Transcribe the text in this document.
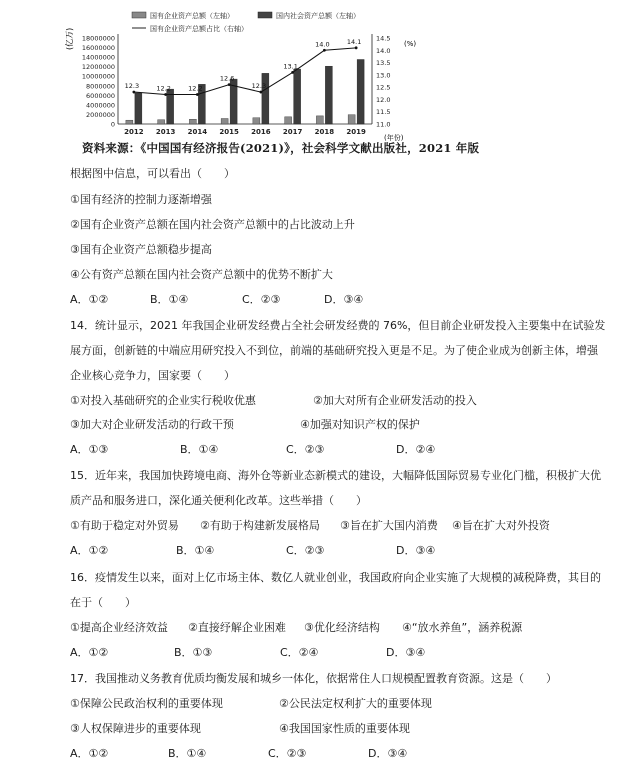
国有企业资产总额（左轴）	国内社会资产总额（左轴）
国有企业资产总额占比（右轴）
(亿万)	(%)
(年份)
18000000
16000000
14000000
12000000
10000000
8000000
6000000
4000000
2000000
0
14.5
14.0
13.5
13.0
12.5
12.0
11.5
11.0
2012 2013 2014 2015 2016 2017 2018 2019
12.3	12.2	12.2
12.6
12.3
13.1
14.0	14.1
资料来源：《中国国有经济报告(2021)》，社会科学文献出版社，2021 年版
根据图中信息，可以看出（　　）
①国有经济的控制力逐渐增强
②国有企业资产总额在国内社会资产总额中的占比波动上升
③国有企业资产总额稳步提高
④公有资产总额在国内社会资产总额中的优势不断扩大
A．①②	B．①④	C．②③	D．③④
14．统计显示，2021 年我国企业研发经费占全社会研发经费的 76%，但目前企业研发投入主要集中在试验发
展方面，创新链的中端应用研究投入不到位，前端的基础研究投入更是不足。为了使企业成为创新主体，增强
企业核心竞争力，国家要（　　）
①对投入基础研究的企业实行税收优惠	②加大对所有企业研发活动的投入
③加大对企业研发活动的行政干预	④加强对知识产权的保护
A．①③	B．①④	C．②③	D．②④
15．近年来，我国加快跨境电商、海外仓等新业态新模式的建设，大幅降低国际贸易专业化门槛，积极扩大优
质产品和服务进口，深化通关便利化改革。这些举措（　　）
①有助于稳定对外贸易 ②有助于构建新发展格局 ③旨在扩大国内消费 ④旨在扩大对外投资
A．①②	B．①④	C．②③	D．③④
16．疫情发生以来，面对上亿市场主体、数亿人就业创业，我国政府向企业实施了大规模的减税降费，其目的
在于（　　）
①提高企业经济效益 ②直接纾解企业困难 ③优化经济结构 ④“放水养鱼”，涵养税源
A．①②	B．①③	C．②④	D．③④
17．我国推动义务教育优质均衡发展和城乡一体化，依据常住人口规模配置教育资源。这是（　　）
①保障公民政治权利的重要体现	②公民法定权利扩大的重要体现
③人权保障进步的重要体现	④我国国家性质的重要体现
A．①②	B．①④	C．②③	D．③④
